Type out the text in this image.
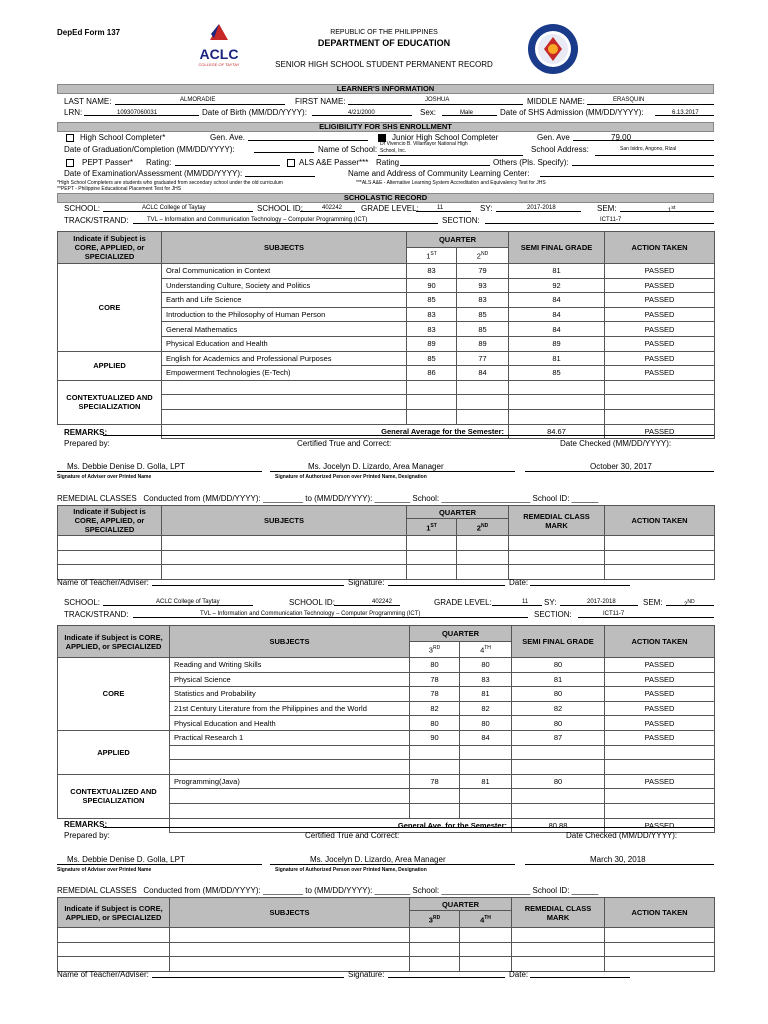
DepEd Form 137
ACLC
COLLEGE OF TAYTAY
REPUBLIC OF THE PHILIPPINES
DEPARTMENT OF EDUCATION
SENIOR HIGH SCHOOL STUDENT PERMANENT RECORD
LEARNER'S INFORMATION
LAST NAME:	ALMORADIE	FIRST NAME:	JOSHUA	MIDDLE NAME:	ERASQUIN
LRN:	109307060031	Date of Birth (MM/DD/YYYY):	4/21/2000	Sex:	Male	Date of SHS Admission (MM/DD/YYYY):	6.13.2017
ELIGIBILITY FOR SHS ENROLLMENT
High School Completer*	Gen. Ave.	Junior High School Completer	Gen. Ave	79.00
Date of Graduation/Completion (MM/DD/YYYY):	Name of School:
Dr Vivencio B. Villamayor National High
School, Inc.	School Address:	San Isidro, Angono, Rizal
PEPT Passer* Rating:	ALS A&E Passer*** Rating	Others (Pls. Specify):
Date of Examination/Assessment (MM/DD/YYYY):	Name and Address of Community Learning Center:
*High School Completers are students who graduated from secondary school under the old curriculum	***ALS A&E - Alternative Learning System Accreditation and Equivalency Test for JHS
**PEPT - Philippine Educational Placement Test for JHS
SCHOLASTIC RECORD
SCHOOL:	ACLC College of Taytay	SCHOOL ID:	402242 GRADE LEVEL:	11	SY:	2017-2018	SEM:	1st
TRACK/STRAND:	TVL – Information and Communication Technology – Computer Programming (ICT)	SECTION:	ICT11-7
Indicate if Subject is CORE, APPLIED, or SPECIALIZED	SUBJECTS	QUARTER		SEMI FINAL GRADE	ACTION TAKEN
		1ST	2ND
CORE	Oral Communication in Context	83	79	81	PASSED
	Understanding Culture, Society and Politics	90	93	92	PASSED
	Earth and Life Science	85	83	84	PASSED
	Introduction to the Philosophy of Human Person	83	85	84	PASSED
	General Mathematics	83	85	84	PASSED
	Physical Education and Health	89	89	89	PASSED
APPLIED	English for Academics and Professional Purposes	85	77	81	PASSED
	Empowerment Technologies (E-Tech)	86	84	85	PASSED
CONTEXTUALIZED AND SPECIALIZATION					

	General Average for the Semester:			84.67	PASSED
REMARKS:
Prepared by:	Certified True and Correct:	Date Checked (MM/DD/YYYY):
Ms. Debbie Denise D. Golla, LPT	Ms. Jocelyn D. Lizardo, Area Manager	October 30, 2017
Signature of Adviser over Printed Name	Signature of Authorized Person over Printed Name, Designation
REMEDIAL CLASSES Conducted from (MM/DD/YYYY): _________ to (MM/DD/YYYY): ________ School: ____________________ School ID: ______
Indicate if Subject is CORE, APPLIED, or SPECIALIZED	SUBJECTS	QUARTER		REMEDIAL CLASS MARK	ACTION TAKEN
		1ST	2ND

Name of Teacher/Adviser:	Signature:	Date:
SCHOOL:	ACLC College of Taytay	SCHOOL ID:	402242	GRADE LEVEL:	11 SY:	2017-2018	SEM:	2ND
TRACK/STRAND:	TVL – Information and Communication Technology – Computer Programming (ICT)	SECTION:	ICT11-7
Indicate if Subject is CORE, APPLIED, or SPECIALIZED	SUBJECTS	QUARTER		SEMI FINAL GRADE	ACTION TAKEN
		3RD	4TH
CORE	Reading and Writing Skills	80	80	80	PASSED
	Physical Science	78	83	81	PASSED
	Statistics and Probability	78	81	80	PASSED
	21st Century Literature from the Philippines and the World	82	82	82	PASSED
	Physical Education and Health	80	80	80	PASSED
APPLIED	Practical Research 1	90	84	87	PASSED

CONTEXTUALIZED AND SPECIALIZATION	Programming(Java)	78	81	80	PASSED

	General Ave. for the Semester:			80.88	PASSED
REMARKS:
Prepared by:	Certified True and Correct:	Date Checked (MM/DD/YYYY):
Ms. Debbie Denise D. Golla, LPT	Ms. Jocelyn D. Lizardo, Area Manager	March 30, 2018
Signature of Adviser over Printed Name	Signature of Authorized Person over Printed Name, Designation
REMEDIAL CLASSES Conducted from (MM/DD/YYYY): _________ to (MM/DD/YYYY): ________ School: ____________________ School ID: ______
Indicate if Subject is CORE, APPLIED, or SPECIALIZED	SUBJECTS	QUARTER		REMEDIAL CLASS MARK	ACTION TAKEN
		3RD	4TH

Name of Teacher/Adviser:	Signature:	Date:
